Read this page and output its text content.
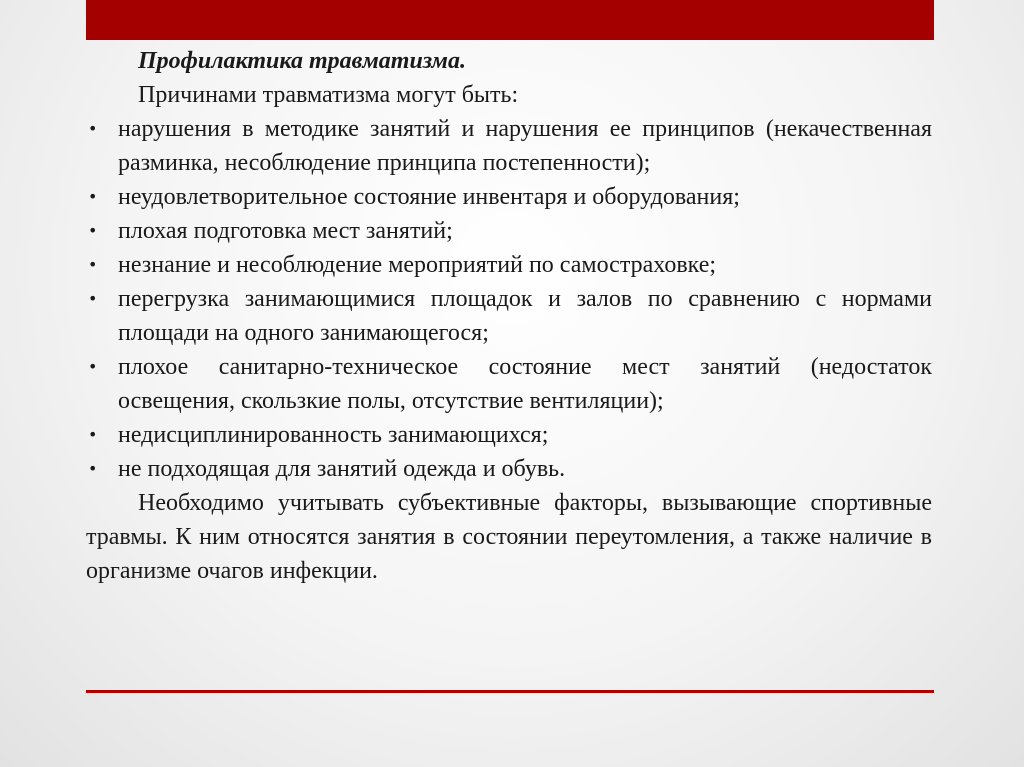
Профилактика травматизма.

Причинами травматизма могут быть:

• нарушения в методике занятий и нарушения ее принципов (некачественная разминка, несоблюдение принципа постепенности);
• неудовлетворительное состояние инвентаря и оборудования;
• плохая подготовка мест занятий;
• незнание и несоблюдение мероприятий по самостраховке;
• перегрузка занимающимися площадок и залов по сравнению с нормами площади на одного занимающегося;
• плохое санитарно-техническое состояние мест занятий (недостаток освещения, скользкие полы, отсутствие вентиляции);
• недисциплинированность занимающихся;
• не подходящая для занятий одежда и обувь.

Необходимо учитывать субъективные факторы, вызывающие спортивные травмы. К ним относятся занятия в состоянии переутомления, а также наличие в организме очагов инфекции.
